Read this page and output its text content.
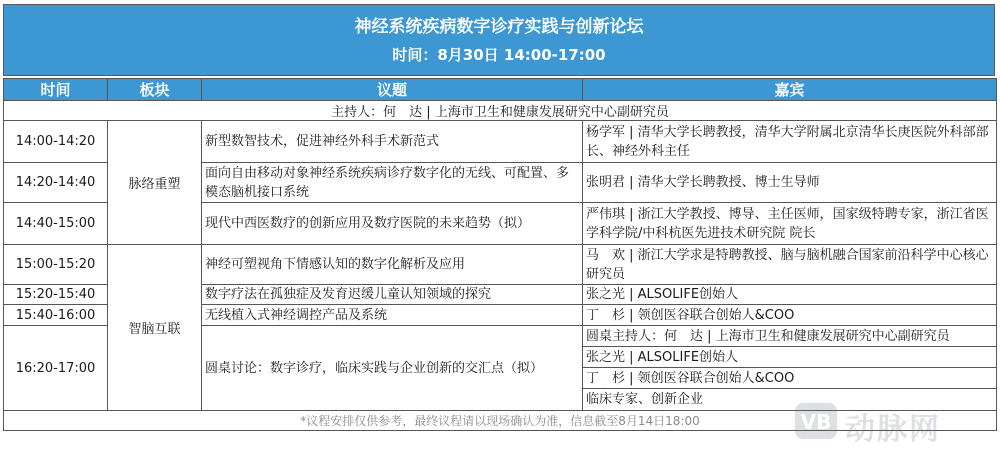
神经系统疾病数字诊疗实践与创新论坛
时间：8月30日 14:00-17:00
时间	板块	议题	嘉宾
主持人：何　达 | 上海市卫生和健康发展研究中心副研究员			
14:00-14:20	脉络重塑	新型数智技术，促进神经外科手术新范式	杨学军 | 清华大学长聘教授，清华大学附属北京清华长庚医院外科部部长、神经外科主任
14:20-14:40		面向自由移动对象神经系统疾病诊疗数字化的无线、可配置、多模态脑机接口系统	张明君 | 清华大学长聘教授、博士生导师
14:40-15:00		现代中西医数疗的创新应用及数疗医院的未来趋势（拟）	严伟琪 | 浙江大学教授、博导、主任医师，国家级特聘专家，浙江省医学科学院/中科杭医先进技术研究院 院长
15:00-15:20	智脑互联	神经可塑视角下情感认知的数字化解析及应用	马　欢 | 浙江大学求是特聘教授、脑与脑机融合国家前沿科学中心核心研究员
15:20-15:40		数字疗法在孤独症及发育迟缓儿童认知领域的探究	张之光 | ALSOLIFE创始人
15:40-16:00		无线植入式神经调控产品及系统	丁　杉 | 领创医谷联合创始人&COO
16:20-17:00		圆桌讨论：数字诊疗，临床实践与企业创新的交汇点（拟）	圆桌主持人：何　达 | 上海市卫生和健康发展研究中心副研究员
张之光 | ALSOLIFE创始人
丁　杉 | 领创医谷联合创始人&COO
临床专家、创新企业

*议程安排仅供参考，最终议程请以现场确认为准，信息截至8月14日18:00				VB 动脉网
